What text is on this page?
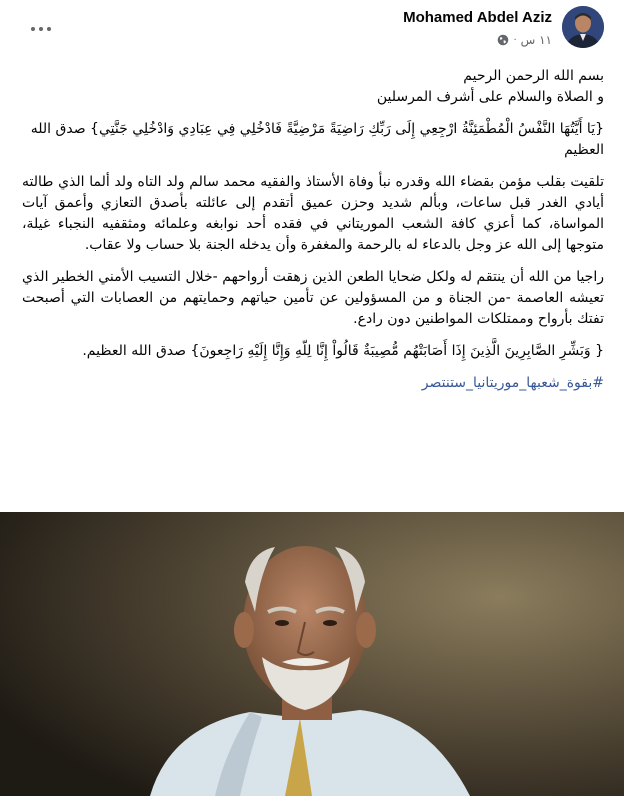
Mohamed Abdel Aziz
١١ س
·

بسم الله الرحمن الرحيم
و الصلاة والسلام على أشرف المرسلين

{يَا أَيَّتُهَا النَّفْسُ الْمُطْمَئِنَّةُ ارْجِعِي إِلَى رَبِّكِ رَاضِيَةً مَرْضِيَّةً فَادْخُلِي فِي عِبَادِي وَادْخُلِي جَنَّتِي} صدق الله العظيم

تلقيت بقلب مؤمن بقضاء الله وقدره نبأ وفاة الأستاذ والفقيه محمد سالم ولد التاه ولد ألما الذي طالته أيادي الغدر قبل ساعات، وبألم شديد وحزن عميق أتقدم إلى عائلته بأصدق التعازي وأعمق آيات المواساة، كما أعزي كافة الشعب الموريتاني في فقده أحد نوابغه وعلمائه ومثقفيه النجباء غيلة، متوجها إلى الله عز وجل بالدعاء له بالرحمة والمغفرة وأن يدخله الجنة بلا حساب ولا عقاب.

راجيا من الله أن ينتقم له ولكل ضحايا الطعن الذين زهقت أرواحهم -خلال التسيب الأمني الخطير الذي تعيشه العاصمة -من الجناة و من المسؤولين عن تأمين حياتهم وحمايتهم من العصابات التي أصبحت تفتك بأرواح وممتلكات المواطنين دون رادع.

{ وَبَشِّرِ الصَّابِرِينَ الَّذِينَ إِذَا أَصَابَتْهُم مُّصِيبَةٌ قَالُواْ إِنَّا لِلّهِ وَإِنَّا إِلَيْهِ رَاجِعونَ} صدق الله العظيم.

#بقوة_شعبها_موريتانيا_ستنتصر
